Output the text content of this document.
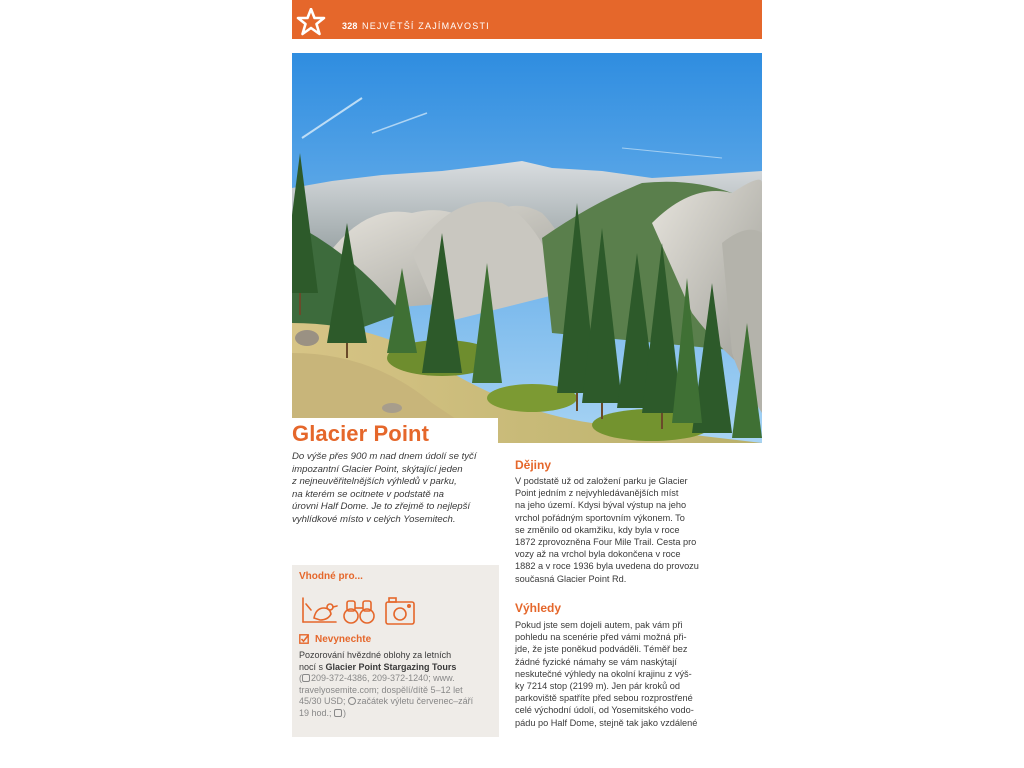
328 NEJVĚTŠÍ ZAJÍMAVOSTI
Glacier Point
Do výše přes 900 m nad dnem údolí se tyčí
impozantní Glacier Point, skýtající jeden
z nejneuvěřitelnějších výhledů v parku,
na kterém se ocitnete v podstatě na
úrovni Half Dome. Je to zřejmě to nejlepší
vyhlídkové místo v celých Yosemitech.
Vhodné pro...
Nevynechte
Pozorování hvězdné oblohy za letních
nocí s Glacier Point Stargazing Tours
( 209-372-4386, 209-372-1240; www.
travelyosemite.com; dospělí/dítě 5–12 let
45/30 USD; začátek výletu červenec–září
19 hod.; )
Dějiny
V podstatě už od založení parku je Glacier
Point jedním z nejvyhledávanějších míst
na jeho území. Kdysi býval výstup na jeho
vrchol pořádným sportovním výkonem. To
se změnilo od okamžiku, kdy byla v roce
1872 zprovozněna Four Mile Trail. Cesta pro
vozy až na vrchol byla dokončena v roce
1882 a v roce 1936 byla uvedena do provozu
současná Glacier Point Rd.
Výhledy
Pokud jste sem dojeli autem, pak vám při
pohledu na scenérie před vámi možná při-
jde, že jste poněkud podváděli. Téměř bez
žádné fyzické námahy se vám naskýtají
neskutečné výhledy na okolní krajinu z výš-
ky 7214 stop (2199 m). Jen pár kroků od
parkoviště spatříte před sebou rozprostřené
celé východní údolí, od Yosemitského vodo-
pádu po Half Dome, stejně tak jako vzdálené
